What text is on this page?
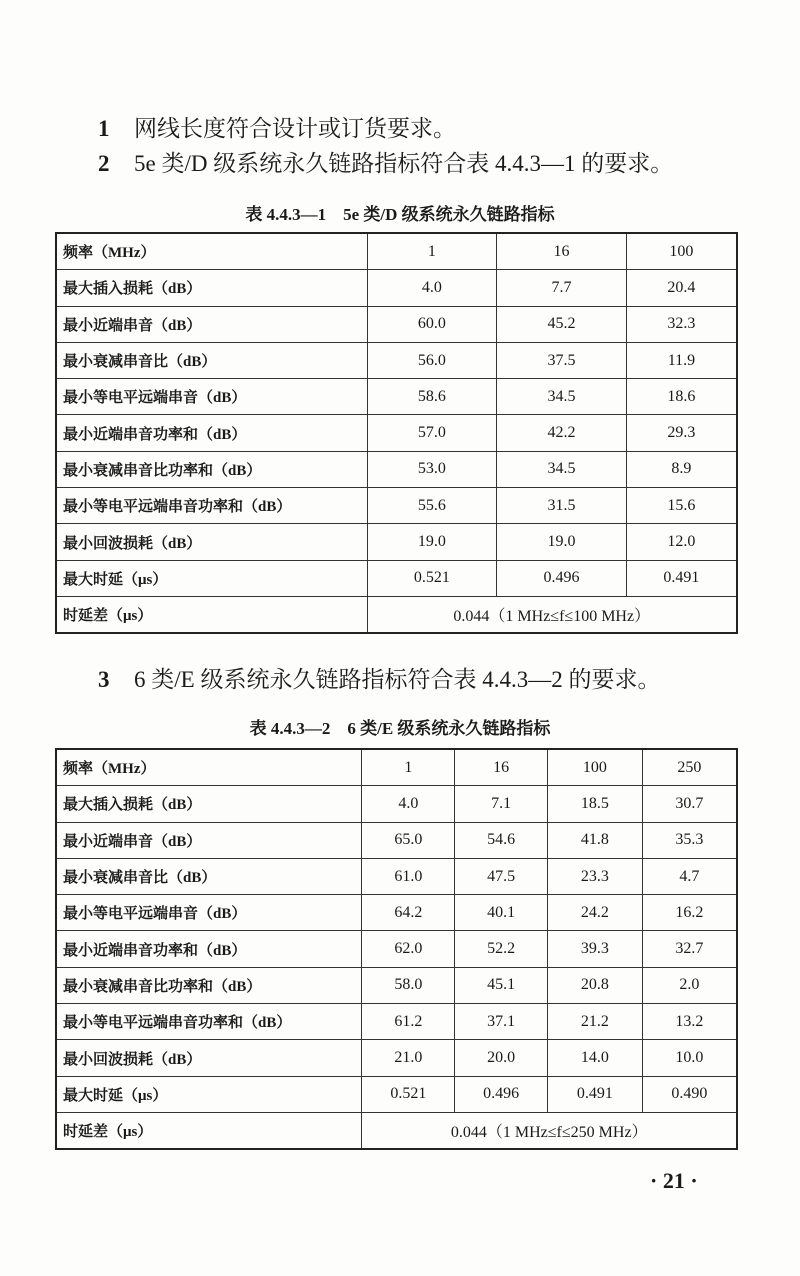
1 网线长度符合设计或订货要求。
2 5e 类/D 级系统永久链路指标符合表 4.4.3—1 的要求。
表 4.4.3—1　5e 类/D 级系统永久链路指标
频率（MHz）	1	16	100
最大插入损耗（dB）	4.0	7.7	20.4
最小近端串音（dB）	60.0	45.2	32.3
最小衰减串音比（dB）	56.0	37.5	11.9
最小等电平远端串音（dB）	58.6	34.5	18.6
最小近端串音功率和（dB）	57.0	42.2	29.3
最小衰减串音比功率和（dB）	53.0	34.5	8.9
最小等电平远端串音功率和（dB）	55.6	31.5	15.6
最小回波损耗（dB）	19.0	19.0	12.0
最大时延（μs）	0.521	0.496	0.491
时延差（μs）	0.044（1 MHz≤f≤100 MHz）		
3 6 类/E 级系统永久链路指标符合表 4.4.3—2 的要求。
表 4.4.3—2　6 类/E 级系统永久链路指标
频率（MHz）	1	16	100	250
最大插入损耗（dB）	4.0	7.1	18.5	30.7
最小近端串音（dB）	65.0	54.6	41.8	35.3
最小衰减串音比（dB）	61.0	47.5	23.3	4.7
最小等电平远端串音（dB）	64.2	40.1	24.2	16.2
最小近端串音功率和（dB）	62.0	52.2	39.3	32.7
最小衰减串音比功率和（dB）	58.0	45.1	20.8	2.0
最小等电平远端串音功率和（dB）	61.2	37.1	21.2	13.2
最小回波损耗（dB）	21.0	20.0	14.0	10.0
最大时延（μs）	0.521	0.496	0.491	0.490
时延差（μs）	0.044（1 MHz≤f≤250 MHz）			
· 21 ·
